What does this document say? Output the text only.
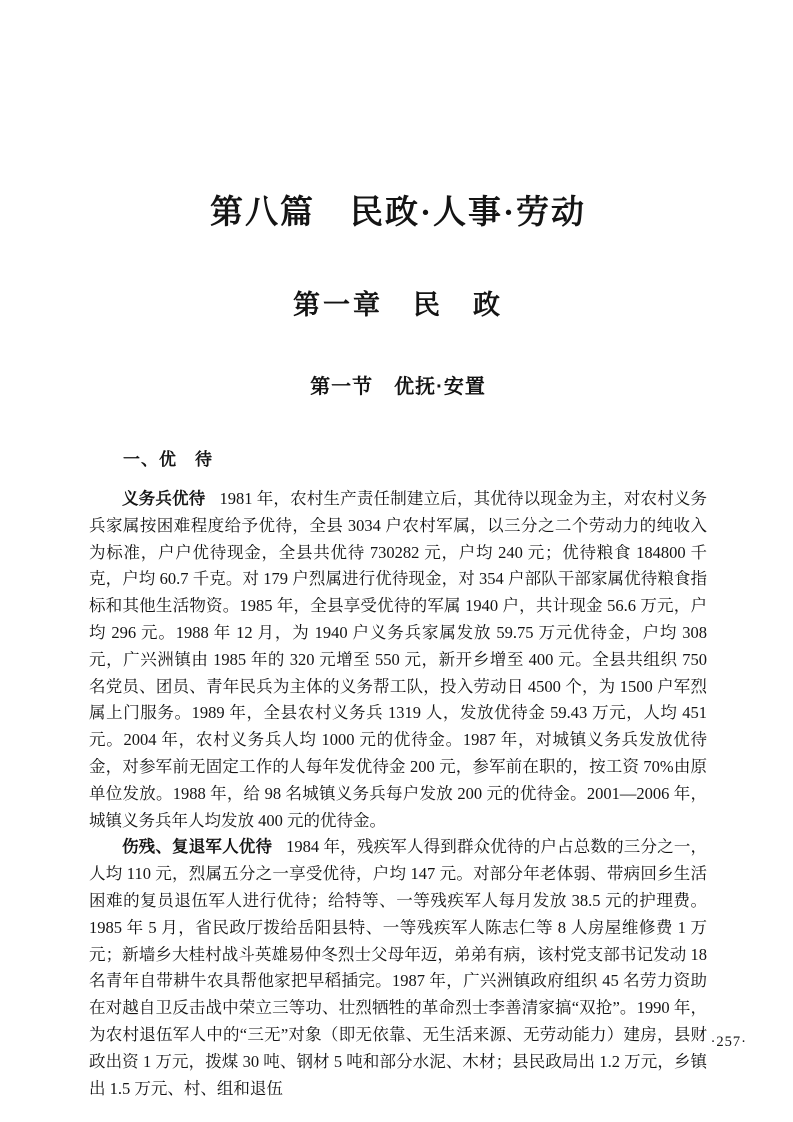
第八篇　民政·人事·劳动
第一章　民　政
第一节　优抚·安置
一、优　待

义务兵优待 1981 年，农村生产责任制建立后，其优待以现金为主，对农村义务兵家属按困难程度给予优待，全县 3034 户农村军属，以三分之二个劳动力的纯收入为标准，户户优待现金，全县共优待 730282 元，户均 240 元；优待粮食 184800 千克，户均 60.7 千克。对 179 户烈属进行优待现金，对 354 户部队干部家属优待粮食指标和其他生活物资。1985 年，全县享受优待的军属 1940 户，共计现金 56.6 万元，户均 296 元。1988 年 12 月，为 1940 户义务兵家属发放 59.75 万元优待金，户均 308 元，广兴洲镇由 1985 年的 320 元增至 550 元，新开乡增至 400 元。全县共组织 750 名党员、团员、青年民兵为主体的义务帮工队，投入劳动日 4500 个，为 1500 户军烈属上门服务。1989 年，全县农村义务兵 1319 人，发放优待金 59.43 万元，人均 451 元。2004 年，农村义务兵人均 1000 元的优待金。1987 年，对城镇义务兵发放优待金，对参军前无固定工作的人每年发优待金 200 元，参军前在职的，按工资 70%由原单位发放。1988 年，给 98 名城镇义务兵每户发放 200 元的优待金。2001—2006 年，城镇义务兵年人均发放 400 元的优待金。

伤残、复退军人优待 1984 年，残疾军人得到群众优待的户占总数的三分之一，人均 110 元，烈属五分之一享受优待，户均 147 元。对部分年老体弱、带病回乡生活困难的复员退伍军人进行优待；给特等、一等残疾军人每月发放 38.5 元的护理费。1985 年 5 月，省民政厅拨给岳阳县特、一等残疾军人陈志仁等 8 人房屋维修费 1 万元；新墙乡大桂村战斗英雄易仲冬烈士父母年迈，弟弟有病，该村党支部书记发动 18 名青年自带耕牛农具帮他家把早稻插完。1987 年，广兴洲镇政府组织 45 名劳力资助在对越自卫反击战中荣立三等功、壮烈牺牲的革命烈士李善清家搞“双抢”。1990 年，为农村退伍军人中的“三无”对象（即无依靠、无生活来源、无劳动能力）建房，县财政出资 1 万元，拨煤 30 吨、钢材 5 吨和部分水泥、木材；县民政局出 1.2 万元，乡镇出 1.5 万元、村、组和退伍

·257·
